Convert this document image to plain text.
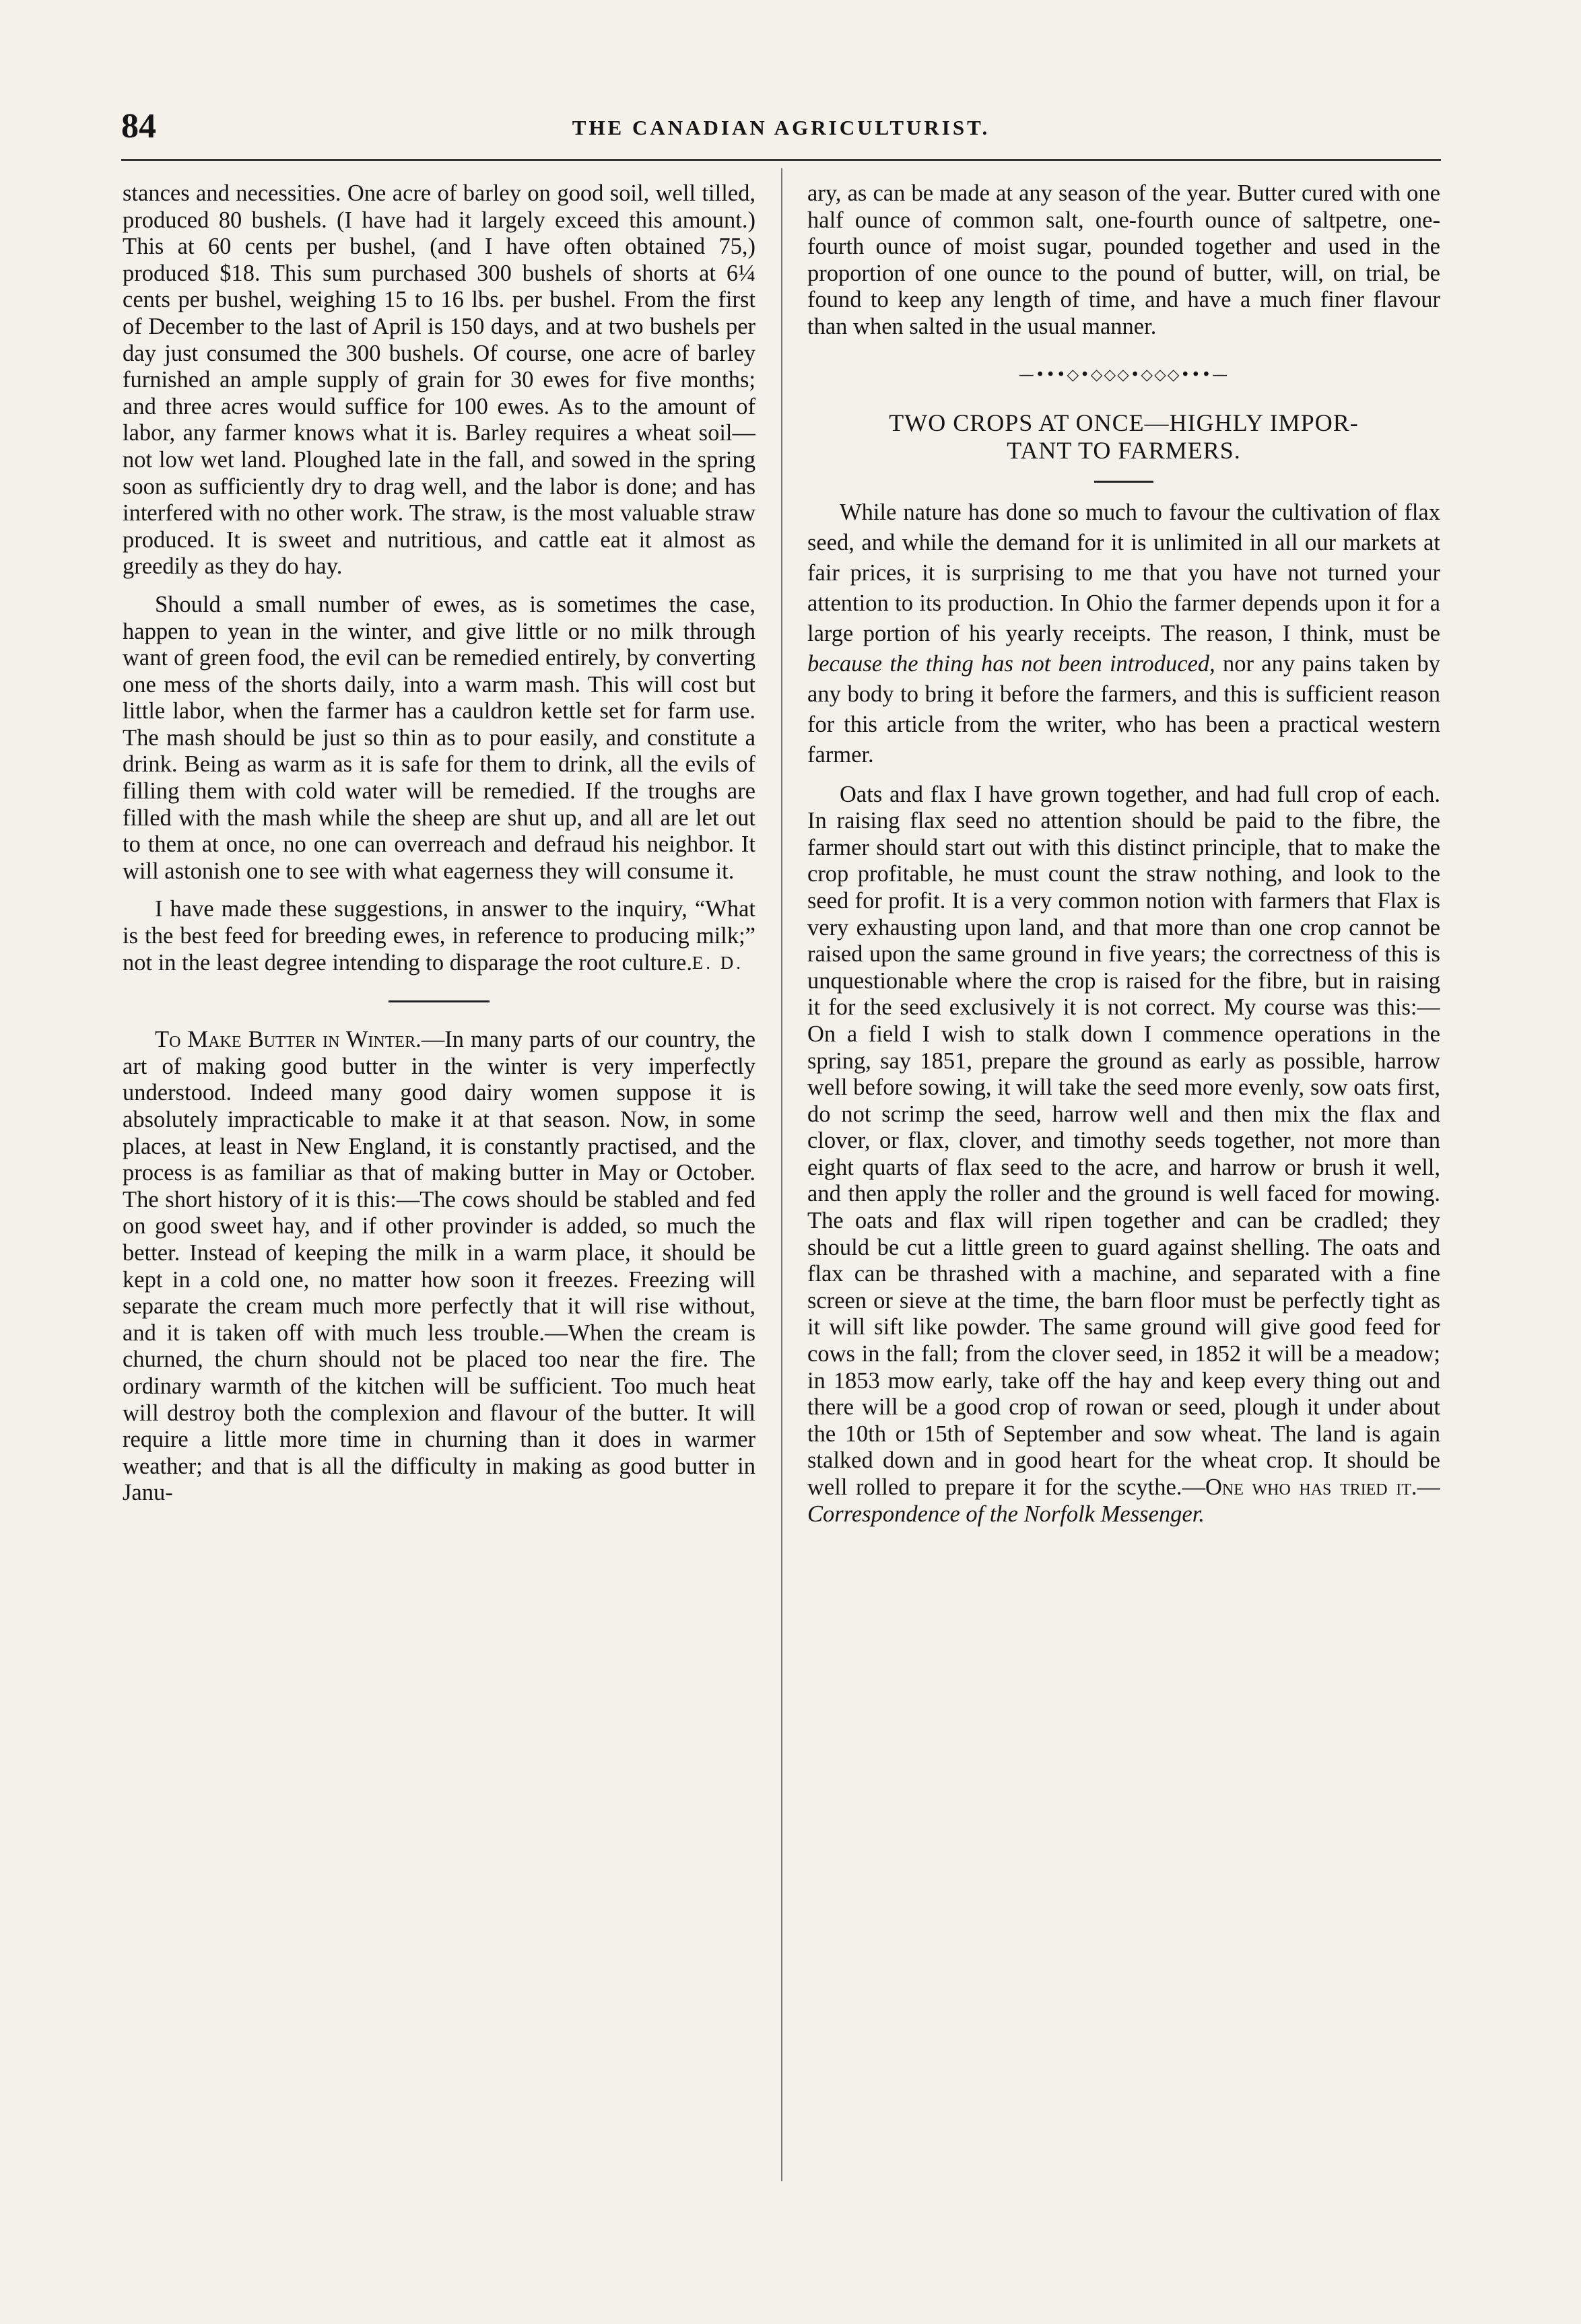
84	THE CANADIAN AGRICULTURIST.

stances and necessities. One acre of barley on good soil, well tilled, produced 80 bushels. (I have had it largely exceed this amount.) This at 60 cents per bushel, (and I have often obtained 75,) produced $18. This sum purchased 300 bushels of shorts at 6¼ cents per bushel, weighing 15 to 16 lbs. per bushel. From the first of December to the last of April is 150 days, and at two bushels per day just consumed the 300 bushels. Of course, one acre of barley furnished an ample supply of grain for 30 ewes for five months; and three acres would suffice for 100 ewes. As to the amount of labor, any farmer knows what it is. Barley requires a wheat soil—not low wet land. Ploughed late in the fall, and sowed in the spring soon as sufficiently dry to drag well, and the labor is done; and has interfered with no other work. The straw, is the most valuable straw produced. It is sweet and nutritious, and cattle eat it almost as greedily as they do hay.

Should a small number of ewes, as is sometimes the case, happen to yean in the winter, and give little or no milk through want of green food, the evil can be remedied entirely, by converting one mess of the shorts daily, into a warm mash. This will cost but little labor, when the farmer has a cauldron kettle set for farm use. The mash should be just so thin as to pour easily, and constitute a drink. Being as warm as it is safe for them to drink, all the evils of filling them with cold water will be remedied. If the troughs are filled with the mash while the sheep are shut up, and all are let out to them at once, no one can overreach and defraud his neighbor. It will astonish one to see with what eagerness they will consume it.

I have made these suggestions, in answer to the inquiry, “What is the best feed for breeding ewes, in reference to producing milk;” not in the least degree intending to disparage the root culture. E. D.

To Make Butter in Winter.—In many parts of our country, the art of making good butter in the winter is very imperfectly understood. Indeed many good dairy women suppose it is absolutely impracticable to make it at that season. Now, in some places, at least in New England, it is constantly practised, and the process is as familiar as that of making butter in May or October. The short history of it is this:—The cows should be stabled and fed on good sweet hay, and if other provinder is added, so much the better. Instead of keeping the milk in a warm place, it should be kept in a cold one, no matter how soon it freezes. Freezing will separate the cream much more perfectly that it will rise without, and it is taken off with much less trouble.—When the cream is churned, the churn should not be placed too near the fire. The ordinary warmth of the kitchen will be sufficient. Too much heat will destroy both the complexion and flavour of the butter. It will require a little more time in churning than it does in warmer weather; and that is all the difficulty in making as good butter in Janu-

ary, as can be made at any season of the year. Butter cured with one half ounce of common salt, one-fourth ounce of saltpetre, one-fourth ounce of moist sugar, pounded together and used in the proportion of one ounce to the pound of butter, will, on trial, be found to keep any length of time, and have a much finer flavour than when salted in the usual manner.

—•••◇•◇◇◇•◇◇◇•••—
TWO CROPS AT ONCE—HIGHLY IMPOR-
TANT TO FARMERS.

While nature has done so much to favour the cultivation of flax seed, and while the demand for it is unlimited in all our markets at fair prices, it is surprising to me that you have not turned your attention to its production. In Ohio the farmer depends upon it for a large portion of his yearly receipts. The reason, I think, must be because the thing has not been introduced, nor any pains taken by any body to bring it before the farmers, and this is sufficient reason for this article from the writer, who has been a practical western farmer.

Oats and flax I have grown together, and had full crop of each. In raising flax seed no attention should be paid to the fibre, the farmer should start out with this distinct principle, that to make the crop profitable, he must count the straw nothing, and look to the seed for profit. It is a very common notion with farmers that Flax is very exhausting upon land, and that more than one crop cannot be raised upon the same ground in five years; the correctness of this is unquestionable where the crop is raised for the fibre, but in raising it for the seed exclusively it is not correct. My course was this:—On a field I wish to stalk down I commence operations in the spring, say 1851, prepare the ground as early as possible, harrow well before sowing, it will take the seed more evenly, sow oats first, do not scrimp the seed, harrow well and then mix the flax and clover, or flax, clover, and timothy seeds together, not more than eight quarts of flax seed to the acre, and harrow or brush it well, and then apply the roller and the ground is well faced for mowing. The oats and flax will ripen together and can be cradled; they should be cut a little green to guard against shelling. The oats and flax can be thrashed with a machine, and separated with a fine screen or sieve at the time, the barn floor must be perfectly tight as it will sift like powder. The same ground will give good feed for cows in the fall; from the clover seed, in 1852 it will be a meadow; in 1853 mow early, take off the hay and keep every thing out and there will be a good crop of rowan or seed, plough it under about the 10th or 15th of September and sow wheat. The land is again stalked down and in good heart for the wheat crop. It should be well rolled to prepare it for the scythe.—One who has tried it.— Correspondence of the Norfolk Messenger.
